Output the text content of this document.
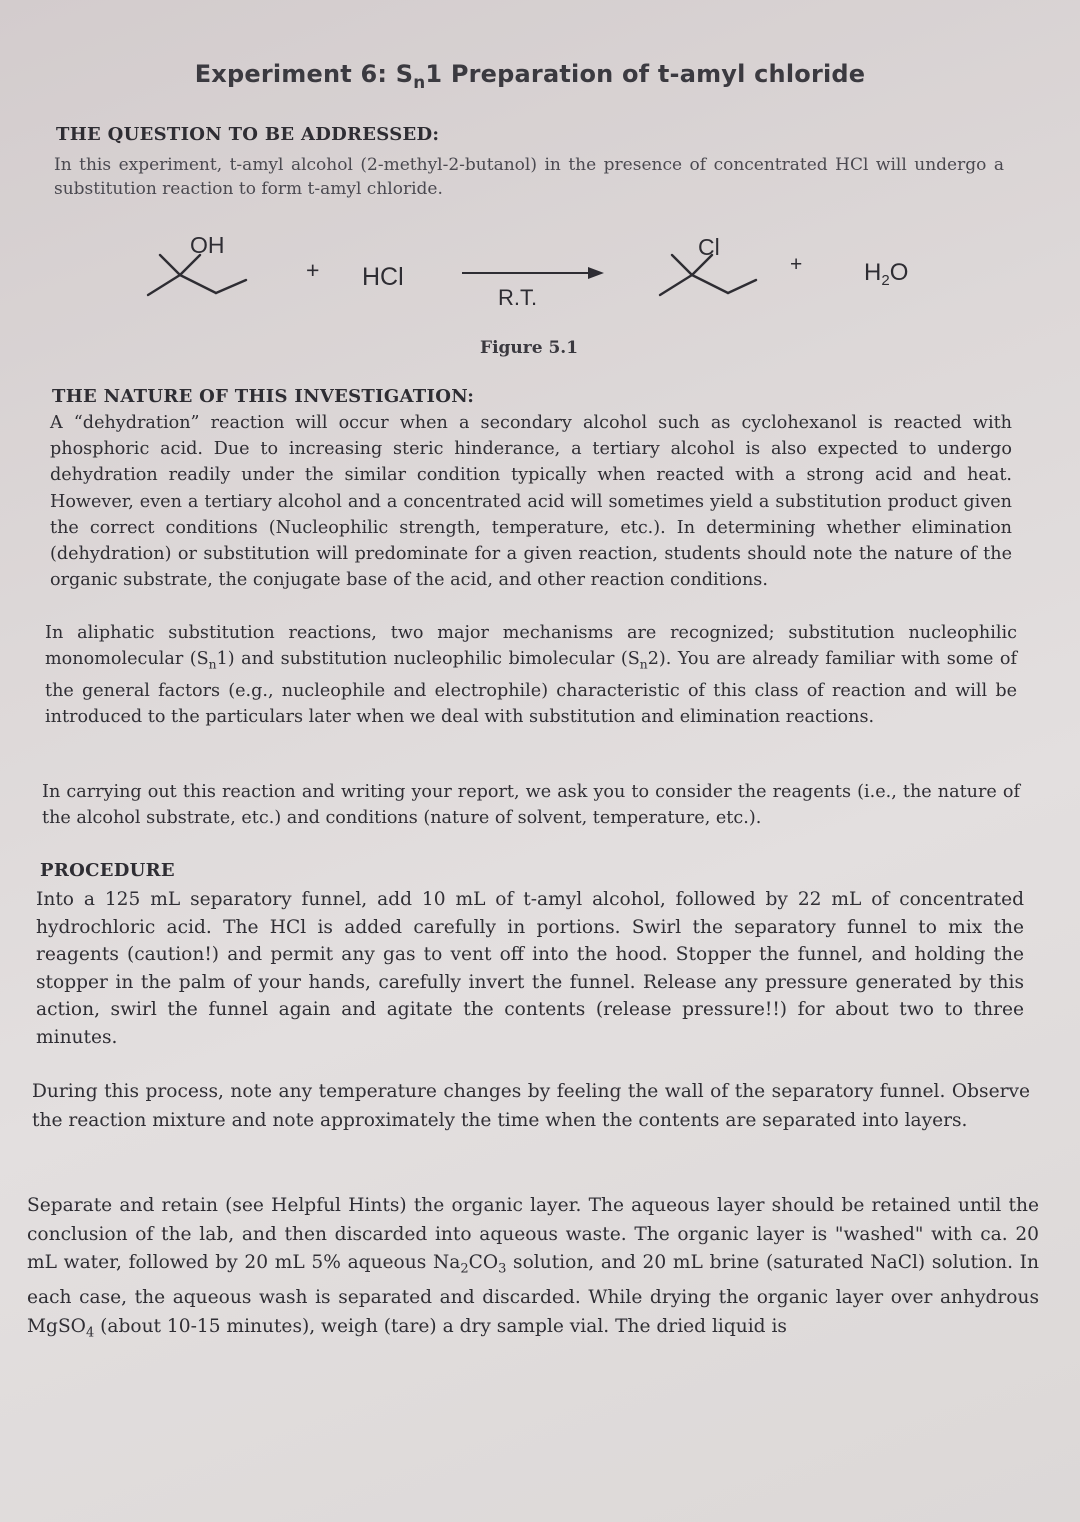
Experiment 6: $S_n1$ Preparation of t-amyl chloride
THE QUESTION TO BE ADDRESSED:

In this experiment, t-amyl alcohol (2-methyl-2-butanol) in the presence of concentrated HCl will undergo a substitution reaction to form t-amyl chloride.

OH
+ HCl
R.T.
Cl
+	$H_2O$
Figure 5.1
THE NATURE OF THIS INVESTIGATION:

A “dehydration” reaction will occur when a secondary alcohol such as cyclohexanol is reacted with phosphoric acid. Due to increasing steric hinderance, a tertiary alcohol is also expected to undergo dehydration readily under the similar condition typically when reacted with a strong acid and heat. However, even a tertiary alcohol and a concentrated acid will sometimes yield a substitution product given the correct conditions (Nucleophilic strength, temperature, etc.). In determining whether elimination (dehydration) or substitution will predominate for a given reaction, students should note the nature of the organic substrate, the conjugate base of the acid, and other reaction conditions.

In aliphatic substitution reactions, two major mechanisms are recognized; substitution nucleophilic monomolecular $(S_n1)$ and substitution nucleophilic bimolecular $(S_n2)$. You are already familiar with some of the general factors (e.g., nucleophile and electrophile) characteristic of this class of reaction and will be introduced to the particulars later when we deal with substitution and elimination reactions.

In carrying out this reaction and writing your report, we ask you to consider the reagents (i.e., the nature of the alcohol substrate, etc.) and conditions (nature of solvent, temperature, etc.).

PROCEDURE

Into a 125 mL separatory funnel, add 10 mL of t-amyl alcohol, followed by 22 mL of concentrated hydrochloric acid. The HCl is added carefully in portions. Swirl the separatory funnel to mix the reagents (caution!) and permit any gas to vent off into the hood. Stopper the funnel, and holding the stopper in the palm of your hands, carefully invert the funnel. Release any pressure generated by this action, swirl the funnel again and agitate the contents (release pressure!!) for about two to three minutes.

During this process, note any temperature changes by feeling the wall of the separatory funnel. Observe the reaction mixture and note approximately the time when the contents are separated into layers.

Separate and retain (see Helpful Hints) the organic layer. The aqueous layer should be retained until the conclusion of the lab, and then discarded into aqueous waste. The organic layer is "washed" with ca. 20 mL water, followed by 20 mL 5% aqueous $Na_2CO_3$ solution, and 20 mL brine (saturated NaCl) solution. In each case, the aqueous wash is separated and discarded. While drying the organic layer over anhydrous MgSO$_4$ (about 10-15 minutes), weigh (tare) a dry sample vial. The dried liquid is
